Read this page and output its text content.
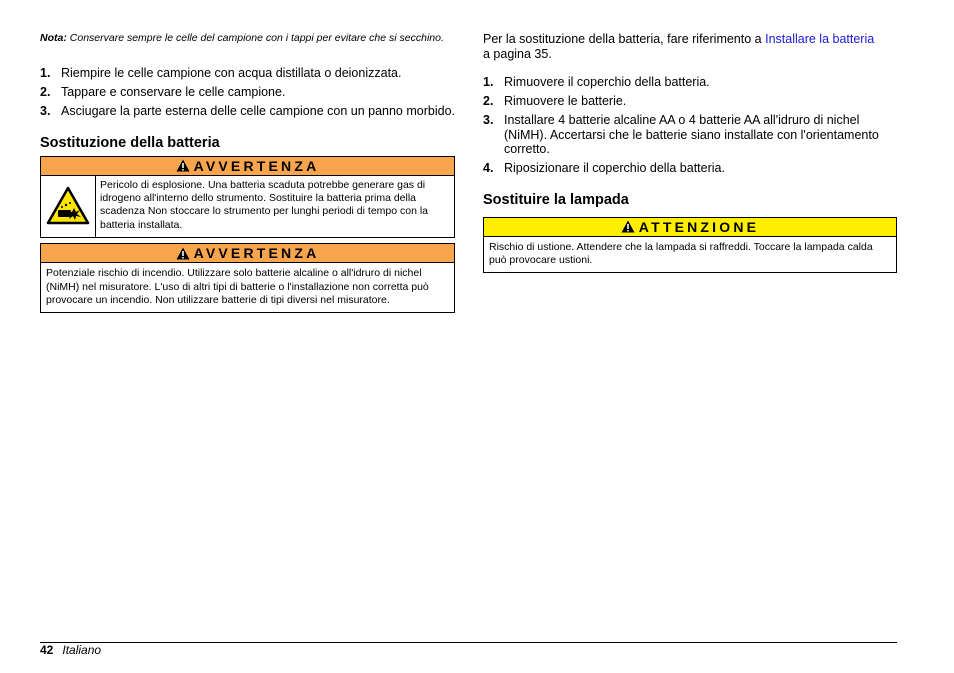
Nota: Conservare sempre le celle del campione con i tappi per evitare che si secchino.

1. Riempire le celle campione con acqua distillata o deionizzata.
2. Tappare e conservare le celle campione.
3. Asciugare la parte esterna delle celle campione con un panno morbido.
Sostituzione della batteria
AVVERTENZA
Pericolo di esplosione. Una batteria scaduta potrebbe generare gas di idrogeno all'interno dello strumento. Sostituire la batteria prima della scadenza Non stoccare lo strumento per lunghi periodi di tempo con la batteria installata.
AVVERTENZA
Potenziale rischio di incendio. Utilizzare solo batterie alcaline o all'idruro di nichel (NiMH) nel misuratore. L'uso di altri tipi di batterie o l'installazione non corretta può provocare un incendio. Non utilizzare batterie di tipi diversi nel misuratore.

Per la sostituzione della batteria, fare riferimento a Installare la batteria
a pagina 35.

1. Rimuovere il coperchio della batteria.
2. Rimuovere le batterie.
3. Installare 4 batterie alcaline AA o 4 batterie AA all'idruro di nichel (NiMH). Accertarsi che le batterie siano installate con l'orientamento corretto.
4. Riposizionare il coperchio della batteria.
Sostituire la lampada
ATTENZIONE
Rischio di ustione. Attendere che la lampada si raffreddi. Toccare la lampada calda può provocare ustioni.
42 Italiano
